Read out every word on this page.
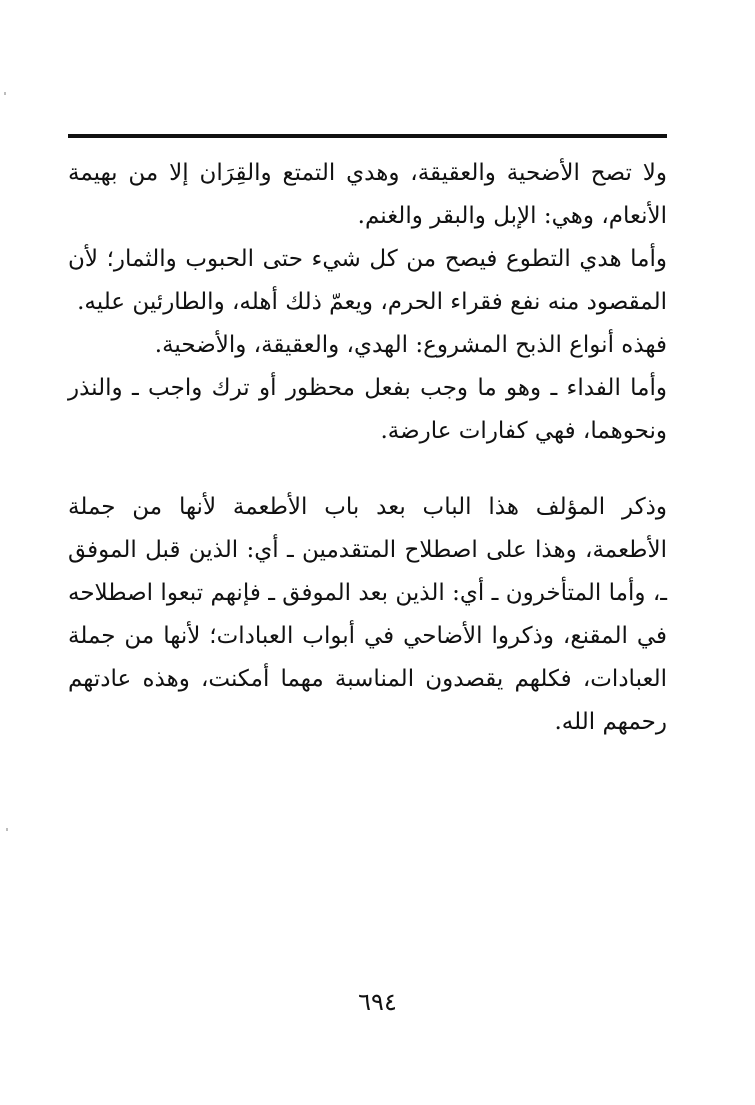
ولا تصح الأضحية والعقيقة، وهدي التمتع والقِرَان إلا من بهيمة الأنعام، وهي: الإبل والبقر والغنم.

وأما هدي التطوع فيصح من كل شيء حتى الحبوب والثمار؛ لأن المقصود منه نفع فقراء الحرم، ويعمّ ذلك أهله، والطارئين عليه.

فهذه أنواع الذبح المشروع: الهدي، والعقيقة، والأضحية.

وأما الفداء ـ وهو ما وجب بفعل محظور أو ترك واجب ـ والنذر ونحوهما، فهي كفارات عارضة.

وذكر المؤلف هذا الباب بعد باب الأطعمة لأنها من جملة الأطعمة، وهذا على اصطلاح المتقدمين ـ أي: الذين قبل الموفق ـ، وأما المتأخرون ـ أي: الذين بعد الموفق ـ فإنهم تبعوا اصطلاحه في المقنع، وذكروا الأضاحي في أبواب العبادات؛ لأنها من جملة العبادات، فكلهم يقصدون المناسبة مهما أمكنت، وهذه عادتهم رحمهم الله.

٦٩٤
